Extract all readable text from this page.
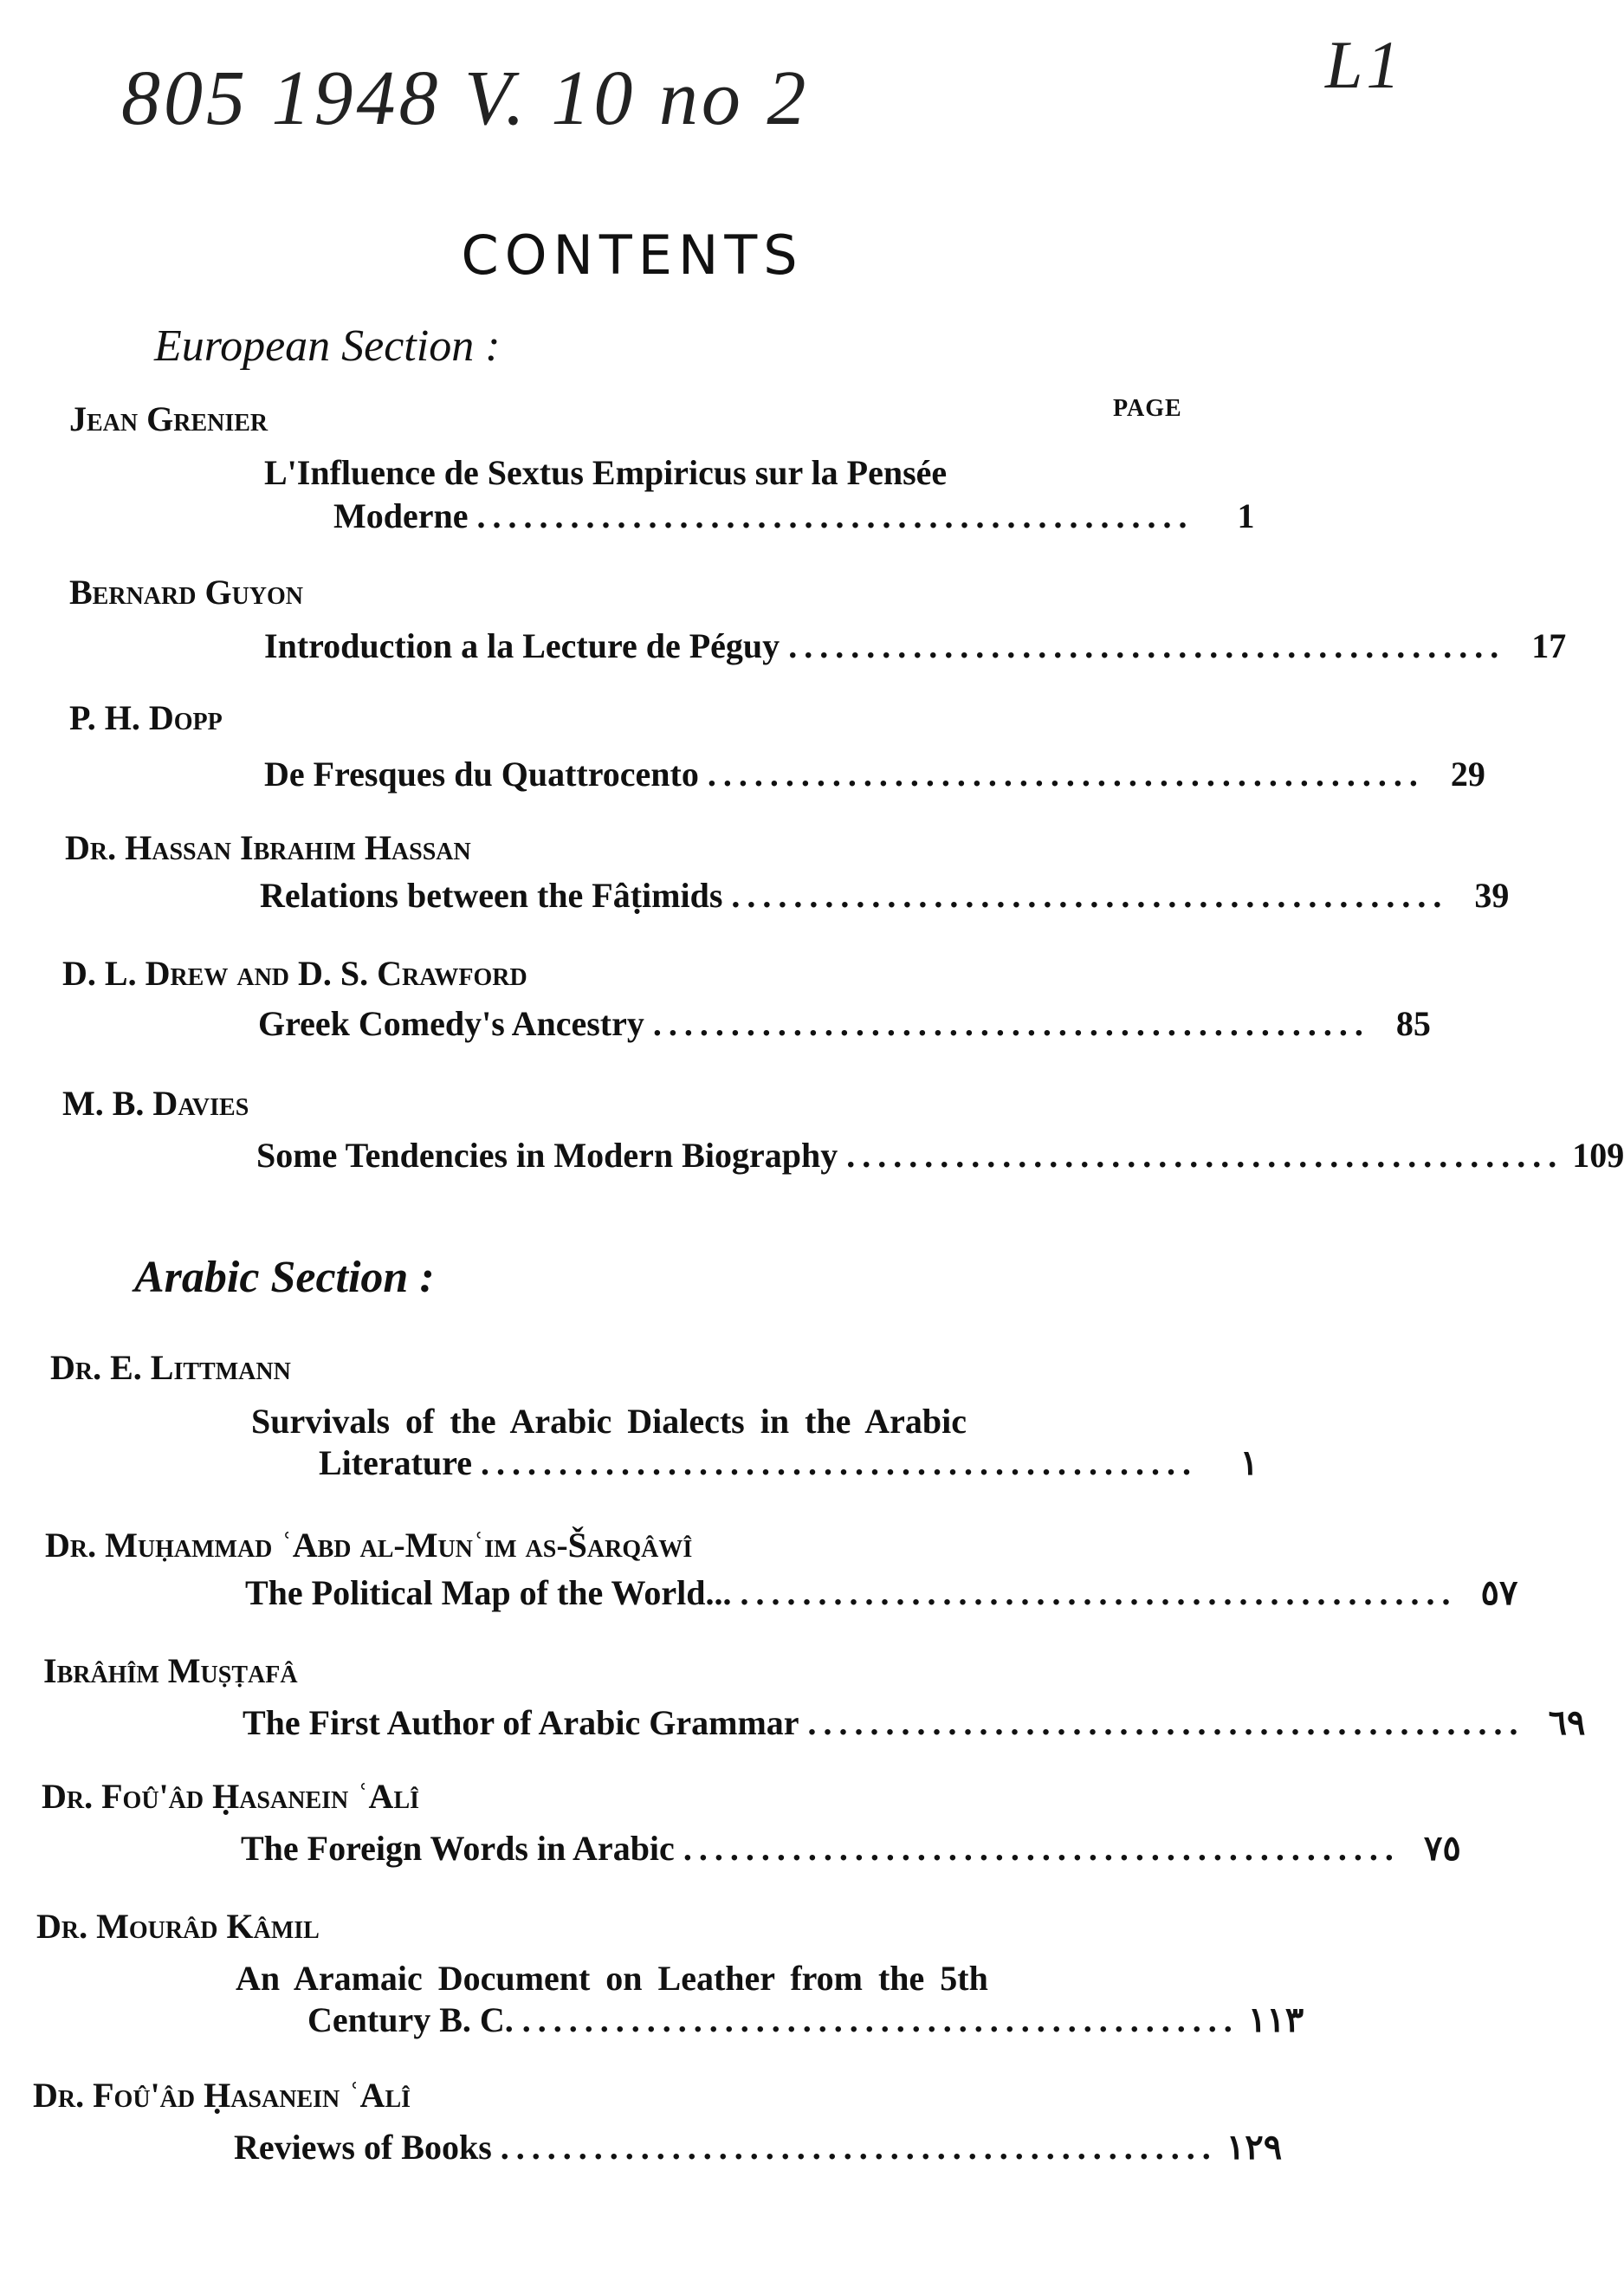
805 1948 V. 10 no 2	L1
CONTENTS
European Section :
PAGE
Jean Grenier
L'Influence de Sextus Empiricus sur la Pensée
Moderne ..............................................	1
Bernard Guyon
Introduction a la Lecture de Péguy .............................................. 17
P. H. Dopp
De Fresques du Quattrocento .............................................. 29
Dr. Hassan Ibrahim Hassan
Relations between the Fâṭimids .............................................. 39
D. L. Drew and D. S. Crawford
Greek Comedy's Ancestry .............................................. 85
M. B. Davies
Some Tendencies in Modern Biography .............................................. 109
Arabic Section :
Dr. E. Littmann
Survivals of the Arabic Dialects in the Arabic
Literature ..............................................	١
Dr. Muḥammad ʿAbd al-Munʿim as-Šarqâwî
The Political Map of the World... .............................................. ٥٧
Ibrâhîm Muṣṭafâ
The First Author of Arabic Grammar .............................................. ٦٩
Dr. Foû'âd Ḥasanein ʿAlî
The Foreign Words in Arabic .............................................. ٧٥
Dr. Mourâd Kâmil
An Aramaic Document on Leather from the 5th
Century B. C. .............................................. ١١٣
Dr. Foû'âd Ḥasanein ʿAlî
Reviews of Books .............................................. ١٢٩
